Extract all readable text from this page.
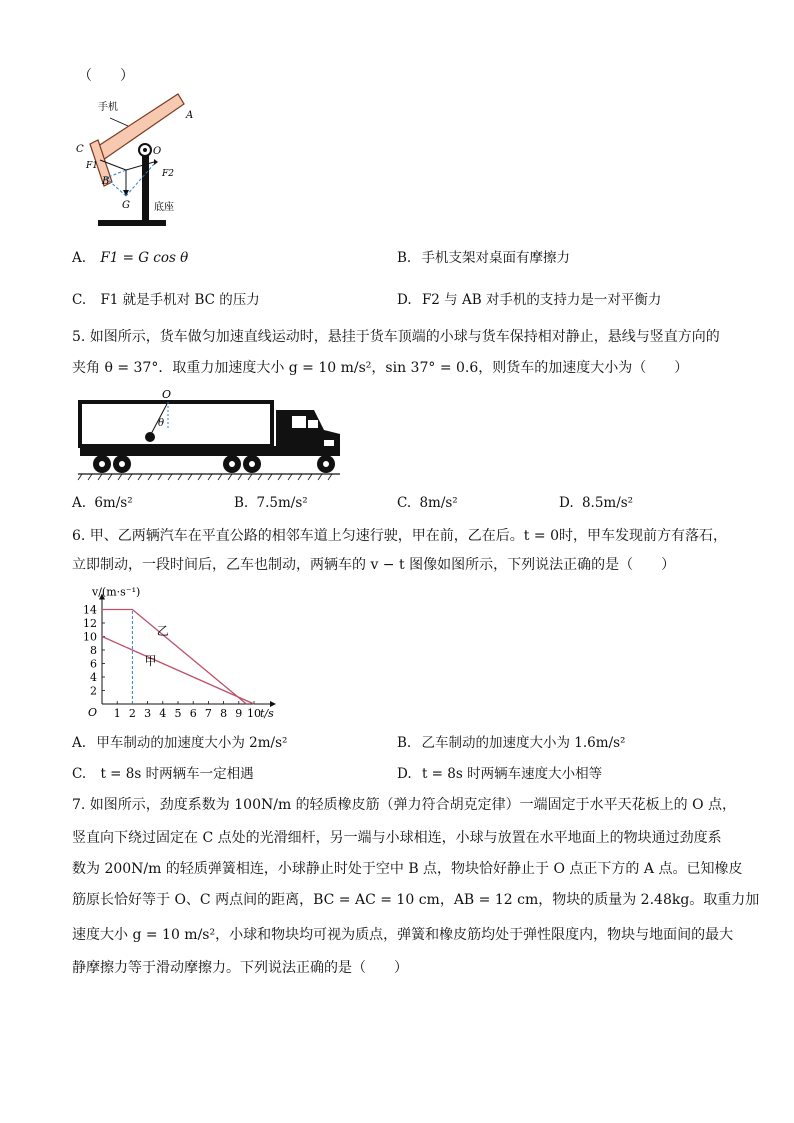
（　　）
手机
A
C
F1
O
F2
B
G 底座
A. F1 = G cos θ	B. 手机支架对桌面有摩擦力
C. F1 就是手机对 BC 的压力	D. F2 与 AB 对手机的支持力是一对平衡力
5. 如图所示，货车做匀加速直线运动时，悬挂于货车顶端的小球与货车保持相对静止，悬线与竖直方向的
夹角 θ = 37°．取重力加速度大小 g = 10 m/s²，sin 37° = 0.6，则货车的加速度大小为（　　）
O
θ
A. 6m/s²	B. 7.5m/s²	C. 8m/s²	D. 8.5m/s²
6. 甲、乙两辆汽车在平直公路的相邻车道上匀速行驶，甲在前，乙在后。t = 0时，甲车发现前方有落石，
立即制动，一段时间后，乙车也制动，两辆车的 v − t 图像如图所示，下列说法正确的是（　　）
1 2 3 4 5 6 7 8 9 10
2
4
6
8
10
12
14
O	t/s
v/(m·s⁻¹)
乙
甲
A. 甲车制动的加速度大小为 2m/s²	B. 乙车制动的加速度大小为 1.6m/s²
C. t = 8s 时两辆车一定相遇	D. t = 8s 时两辆车速度大小相等
7. 如图所示，劲度系数为 100N/m 的轻质橡皮筋（弹力符合胡克定律）一端固定于水平天花板上的 O 点，
竖直向下绕过固定在 C 点处的光滑细杆，另一端与小球相连，小球与放置在水平地面上的物块通过劲度系
数为 200N/m 的轻质弹簧相连，小球静止时处于空中 B 点，物块恰好静止于 O 点正下方的 A 点。已知橡皮
筋原长恰好等于 O、C 两点间的距离，BC = AC = 10 cm，AB = 12 cm，物块的质量为 2.48kg。取重力加
速度大小 g = 10 m/s²，小球和物块均可视为质点，弹簧和橡皮筋均处于弹性限度内，物块与地面间的最大
静摩擦力等于滑动摩擦力。下列说法正确的是（　　）
